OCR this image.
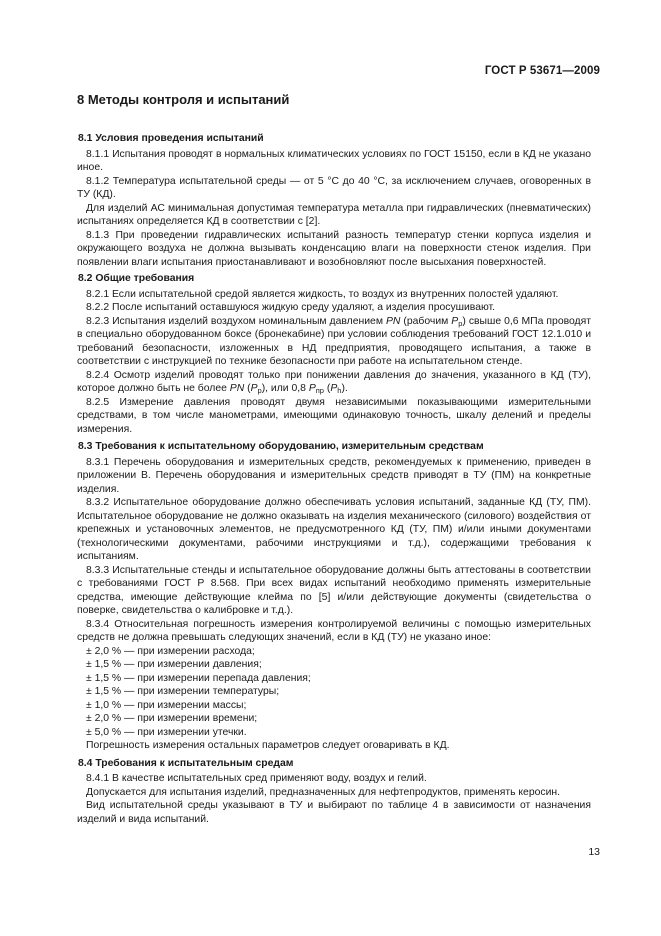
ГОСТ Р 53671—2009
8 Методы контроля и испытаний
8.1 Условия проведения испытаний

8.1.1 Испытания проводят в нормальных климатических условиях по ГОСТ 15150, если в КД не указано иное.

8.1.2 Температура испытательной среды — от 5 °С до 40 °С, за исключением случаев, оговоренных в ТУ (КД).

Для изделий АС минимальная допустимая температура металла при гидравлических (пневматических) испытаниях определяется КД в соответствии с [2].

8.1.3 При проведении гидравлических испытаний разность температур стенки корпуса изделия и окружающего воздуха не должна вызывать конденсацию влаги на поверхности стенок изделия. При появлении влаги испытания приостанавливают и возобновляют после высыхания поверхностей.

8.2 Общие требования

8.2.1 Если испытательной средой является жидкость, то воздух из внутренних полостей удаляют.

8.2.2 После испытаний оставшуюся жидкую среду удаляют, а изделия просушивают.

8.2.3 Испытания изделий воздухом номинальным давлением PN (рабочим $P_р$) свыше 0,6 МПа проводят в специально оборудованном боксе (бронекабине) при условии соблюдения требований ГОСТ 12.1.010 и требований безопасности, изложенных в НД предприятия, проводящего испытания, а также в соответствии с инструкцией по технике безопасности при работе на испытательном стенде.

8.2.4 Осмотр изделий проводят только при понижении давления до значения, указанного в КД (ТУ), которое должно быть не более PN $(P_р)$, или 0,8 $P_{пр}$ $(P_h)$.

8.2.5 Измерение давления проводят двумя независимыми показывающими измерительными средствами, в том числе манометрами, имеющими одинаковую точность, шкалу делений и пределы измерения.

8.3 Требования к испытательному оборудованию, измерительным средствам

8.3.1 Перечень оборудования и измерительных средств, рекомендуемых к применению, приведен в приложении В. Перечень оборудования и измерительных средств приводят в ТУ (ПМ) на конкретные изделия.

8.3.2 Испытательное оборудование должно обеспечивать условия испытаний, заданные КД (ТУ, ПМ). Испытательное оборудование не должно оказывать на изделия механического (силового) воздействия от крепежных и установочных элементов, не предусмотренного КД (ТУ, ПМ) и/или иными документами (технологическими документами, рабочими инструкциями и т.д.), содержащими требования к испытаниям.

8.3.3 Испытательные стенды и испытательное оборудование должны быть аттестованы в соответствии с требованиями ГОСТ Р 8.568. При всех видах испытаний необходимо применять измерительные средства, имеющие действующие клейма по [5] и/или действующие документы (свидетельства о поверке, свидетельства о калибровке и т.д.).

8.3.4 Относительная погрешность измерения контролируемой величины с помощью измерительных средств не должна превышать следующих значений, если в КД (ТУ) не указано иное:

± 2,0 % — при измерении расхода;

± 1,5 % — при измерении давления;

± 1,5 % — при измерении перепада давления;

± 1,5 % — при измерении температуры;

± 1,0 % — при измерении массы;

± 2,0 % — при измерении времени;

± 5,0 % — при измерении утечки.

Погрешность измерения остальных параметров следует оговаривать в КД.

8.4 Требования к испытательным средам

8.4.1 В качестве испытательных сред применяют воду, воздух и гелий.

Допускается для испытания изделий, предназначенных для нефтепродуктов, применять керосин.

Вид испытательной среды указывают в ТУ и выбирают по таблице 4 в зависимости от назначения изделий и вида испытаний.

13
